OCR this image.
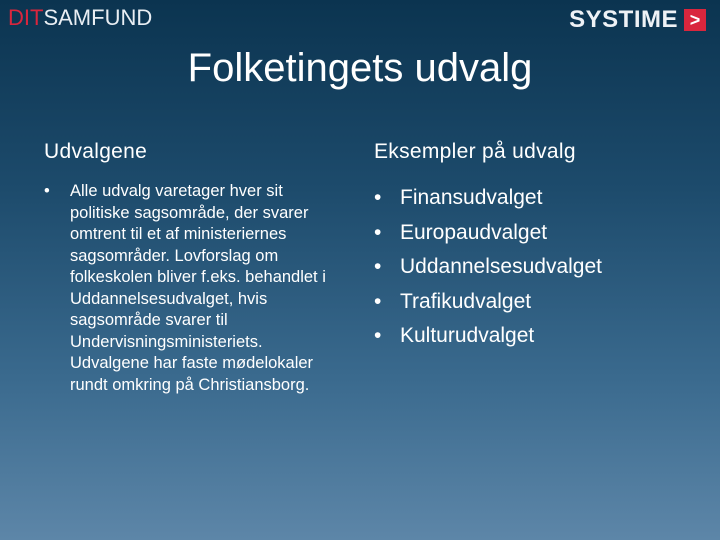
DITSAMFUND	SYSTIME >
Folketingets udvalg
Udvalgene
• Alle udvalg varetager hver sit politiske sagsområde, der svarer omtrent til et af ministeriernes sagsområder. Lovforslag om folkeskolen bliver f.eks. behandlet i Uddannelsesudvalget, hvis sagsområde svarer til Undervisningsministeriets. Udvalgene har faste mødelokaler rundt omkring på Christiansborg.
Eksempler på udvalg
• Finansudvalget
• Europaudvalget
• Uddannelsesudvalget
• Trafikudvalget
• Kulturudvalget
